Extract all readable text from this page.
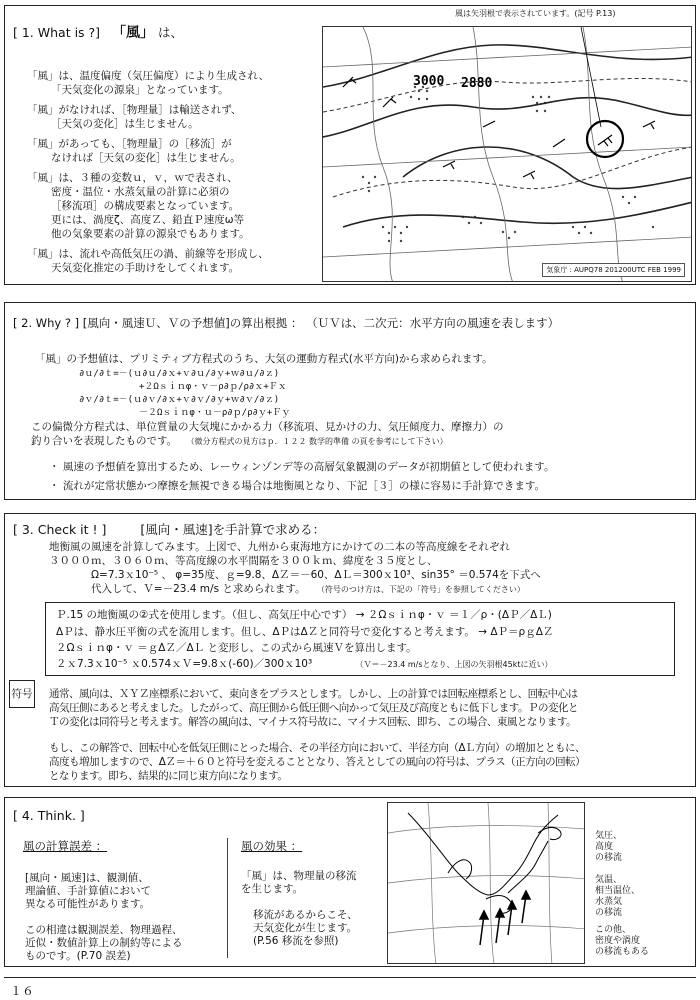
[ 1. What is ?] 「風」 は、
「風」は、温度偏度（気圧偏度）により生成され、
「天気変化の源泉」となっています。
「風」がなければ、［物理量］は輸送されず、
［天気の変化］は生じません。
「風」があっても、［物理量］の［移流］が
なければ［天気の変化］は生じません。
「風」は、３種の変数ｕ，ｖ，ｗで表され、
密度・温位・水蒸気量の計算に必須の
［移流項］の構成要素となっています。
更には、渦度ζ、高度Ｚ、鉛直Ｐ速度ω等
他の気象要素の計算の源泉でもあります。
「風」は、流れや高低気圧の渦、前線等を形成し、
天気変化推定の手助けをしてくれます。
風は矢羽根で表示されています。(記号 P.13)
3000 2880
気象庁 : AUPQ78 201200UTC FEB 1999
[ 2. Why ? ] [風向・風速Ｕ、Ｖの予想値]の算出根拠 ： （ＵＶは、二次元：水平方向の風速を表します）
「風」の予想値は、プリミティブ方程式のうち、大気の運動方程式(水平方向)から求められます。
∂ｕ/∂ｔ=－(ｕ∂ｕ/∂ｘ+ｖ∂ｕ/∂ｙ+ｗ∂ｕ/∂ｚ)
+２Ωｓｉｎφ・ｖ－ρ∂ｐ/ρ∂ｘ+Ｆｘ
∂ｖ/∂ｔ=－(ｕ∂ｖ/∂ｘ+ｖ∂ｖ/∂ｙ+ｗ∂ｖ/∂ｚ)
－２Ωｓｉｎφ・ｕ－ρ∂ｐ/ρ∂ｙ+Ｆｙ
この偏微分方程式は、単位質量の大気塊にかかる力（移流項、見かけの力、気圧傾度力、摩擦力）の
釣り合いを表現したものです。 （微分方程式の見方はｐ．１２２ 数学的準備 の頁を参考にして下さい）
・ 風速の予想値を算出するため、レーウィンゾンデ等の高層気象観測のデータが初期値として使われます。
・ 流れが定常状態かつ摩擦を無視できる場合は地衡風となり、下記［３］の様に容易に手計算できます。
[ 3. Check it ! ]	[風向・風速]を手計算で求める：
地衡風の風速を計算してみます。上図で、九州から東海地方にかけての二本の等高度線をそれぞれ
３０００ｍ、３０６０ｍ、等高度線の水平間隔を３００ｋｍ、緯度を３５度とし、
Ω=7.3ｘ10⁻⁵ 、 φ=35度、ｇ=9.8、ΔＺ＝－60、ΔＬ＝300ｘ10³、sin35° ＝0.574を下式へ
代入して、Ｖ=－23.4 m/s と求められます。 （符号のつけ方は、下記の「符号」を参照してください）
Ｐ.15 の地衡風の②式を使用します。（但し、高気圧中心です） → ２Ωｓｉｎφ・ｖ ＝１／ρ・(ΔＰ／ΔＬ)
ΔＰは、静水圧平衡の式を流用します。但し、ΔＰはΔＺと同符号で変化すると考えます。 → ΔＰ＝ρｇΔＺ
２Ωｓｉｎφ・ｖ ＝ｇΔＺ／ΔＬ と変形し、この式から風速Ｖを算出します。
２ｘ7.3ｘ10⁻⁵ ｘ0.574ｘＶ=9.8ｘ(-60)／300ｘ10³	（Ｖ＝－23.4 m/sとなり、上図の矢羽根45ktに近い）
符号 通常、風向は、ＸＹＺ座標系において、東向きをプラスとします。しかし、上の計算では回転座標系とし、回転中心は
高気圧側にあると考えました。したがって、高圧側から低圧側へ向かって気圧及び高度ともに低下します。Ｐの変化と
Ｔの変化は同符号と考えます。解答の風向は、マイナス符号故に、マイナス回転、即ち、この場合、東風となります。
もし、この解答で、回転中心を低気圧側にとった場合、その半径方向において、半径方向（ΔＬ方向）の増加とともに、
高度も増加しますので、ΔＺ＝＋６０と符号を変えることとなり、答えとしての風向の符号は、プラス（正方向の回転）
となります。即ち、結果的に同じ東方向になります。
[ 4. Think. ]
風の計算誤差 ：
[風向・風速]は、観測値、
理論値、手計算値において
異なる可能性があります。
この相違は観測誤差、物理過程、
近似・数値計算上の制約等による
ものです。(P.70 誤差)
風の効果 ：
「風」は、物理量の移流
を生じます。
移流があるからこそ、
天気変化が生じます。
(P.56 移流を参照)
気圧、
高度
の移流
気温、
相当温位、
水蒸気
の移流
この他、
密度や渦度
の移流もある
１６
